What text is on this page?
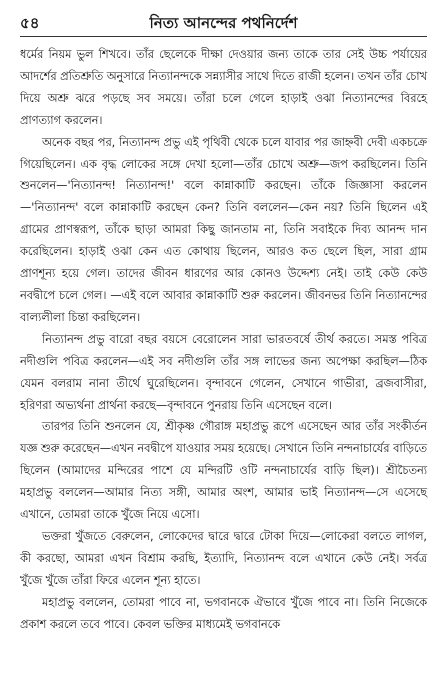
৫৪	নিত্য আনন্দের পথনির্দেশ

ধর্মের নিয়ম ভুল শিখবে। তাঁর ছেলেকে দীক্ষা দেওয়ার জন্য তাকে তার সেই উচ্চ পর্যায়ের আদর্শের প্রতিশ্রুতি অনুসারে নিত্যানন্দকে সন্ন্যাসীর সাথে দিতে রাজী হলেন। তখন তাঁর চোখ দিয়ে অশ্রু ঝরে পড়ছে সব সময়ে। তাঁরা চলে গেলে হাড়াই ওঝা নিত্যানন্দের বিরহে প্রাণত্যাগ করলেন।

অনেক বছর পর, নিত্যানন্দ প্রভু এই পৃথিবী থেকে চলে যাবার পর জাহ্নবী দেবী একচক্রে গিয়েছিলেন। এক বৃদ্ধ লোকের সঙ্গে দেখা হলো—তাঁর চোখে অশ্রু—জপ করছিলেন। তিনি শুনলেন—'নিত্যানন্দ! নিত্যানন্দ!' বলে কান্নাকাটি করছেন। তাঁকে জিজ্ঞাসা করলেন—'নিত্যানন্দ' বলে কান্নাকাটি করছেন কেন? তিনি বললেন—কেন নয়? তিনি ছিলেন এই গ্রামের প্রাণস্বরূপ, তাঁকে ছাড়া আমরা কিছু জানতাম না, তিনি সবাইকে দিব্য আনন্দ দান করেছিলেন। হাড়াই ওঝা কেন এত কোথায় ছিলেন, আরও কত ছেলে ছিল, সারা গ্রাম প্রাণশূন্য হয়ে গেল। তাদের জীবন ধারণের আর কোনও উদ্দেশ্য নেই। তাই কেউ কেউ নবদ্বীপে চলে গেল। —এই বলে আবার কান্নাকাটি শুরু করলেন। জীবনভর তিনি নিত্যানন্দের বাল্যলীলা চিন্তা করছিলেন।

নিত্যানন্দ প্রভু বারো বছর বয়সে বেরোলেন সারা ভারতবর্ষে তীর্থ করতে। সমস্ত পবিত্র নদীগুলি পবিত্র করলেন—এই সব নদীগুলি তাঁর সঙ্গ লাভের জন্য অপেক্ষা করছিল—ঠিক যেমন বলরাম নানা তীর্থে ঘুরেছিলেন। বৃন্দাবনে গেলেন, সেখানে গাভীরা, ব্রজবাসীরা, হরিণরা অভ্যর্থনা প্রার্থনা করছে—বৃন্দাবনে পুনরায় তিনি এসেছেন বলে।

তারপর তিনি শুনলেন যে, শ্রীকৃষ্ণ গৌরাঙ্গ মহাপ্রভু রূপে এসেছেন আর তাঁর সংকীর্তন যজ্ঞ শুরু করেছেন—এখন নবদ্বীপে যাওয়ার সময় হয়েছে। সেখানে তিনি নন্দনাচার্যের বাড়িতে ছিলেন (আমাদের মন্দিরের পাশে যে মন্দিরটি ওটি নন্দনাচার্যের বাড়ি ছিল)। শ্রীচৈতন্য মহাপ্রভু বললেন—আমার নিত্য সঙ্গী, আমার অংশ, আমার ভাই নিত্যানন্দ—সে এসেছে এখানে, তোমরা তাকে খুঁজে নিয়ে এসো।

ভক্তরা খুঁজতে বেরুলেন, লোকেদের দ্বারে দ্বারে টোকা দিয়ে—লোকেরা বলতে লাগল, কী করছো, আমরা এখন বিশ্রাম করছি, ইত্যাদি, নিত্যানন্দ বলে এখানে কেউ নেই। সর্বত্র খুঁজে খুঁজে তাঁরা ফিরে এলেন শূন্য হাতে।

মহাপ্রভু বললেন, তোমরা পাবে না, ভগবানকে ঐভাবে খুঁজে পাবে না। তিনি নিজেকে প্রকাশ করলে তবে পাবে। কেবল ভক্তির মাধ্যমেই ভগবানকে
